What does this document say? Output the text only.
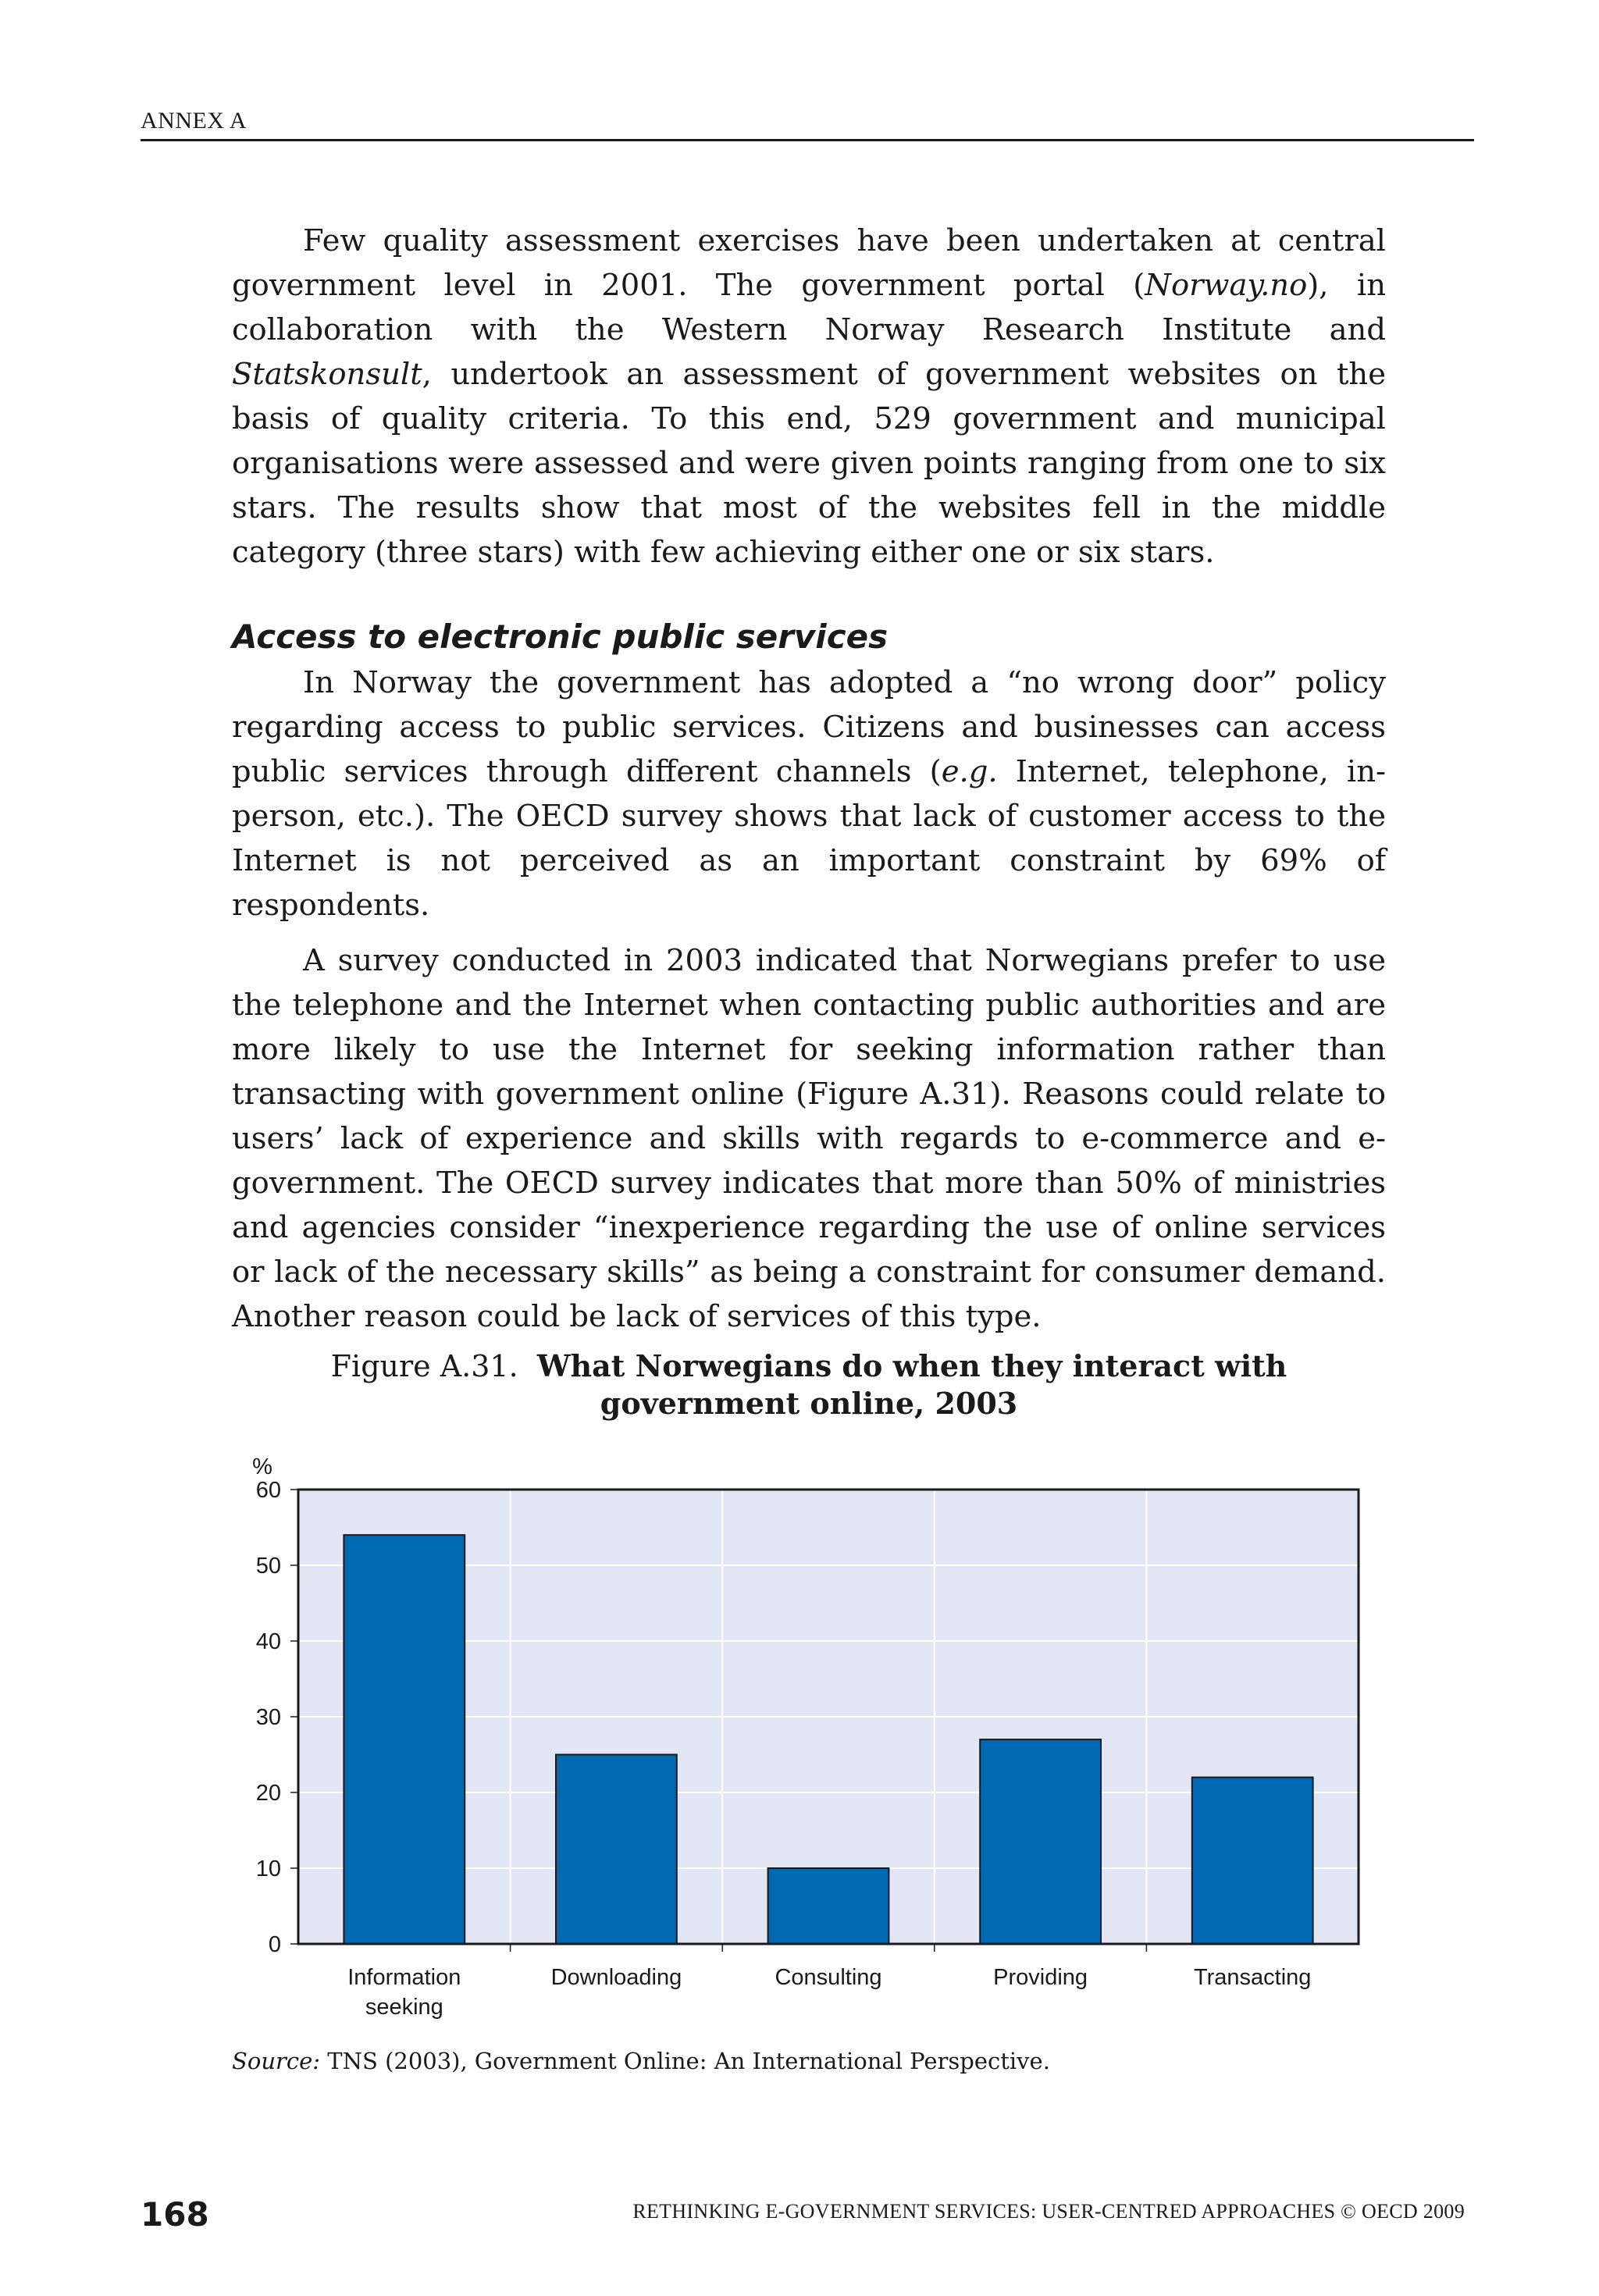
ANNEX A

Few quality assessment exercises have been undertaken at central government level in 2001. The government portal (Norway.no), in collaboration with the Western Norway Research Institute and Statskonsult, undertook an assessment of government websites on the basis of quality criteria. To this end, 529 government and municipal organisations were assessed and were given points ranging from one to six stars. The results show that most of the websites fell in the middle category (three stars) with few achieving either one or six stars.

Access to electronic public services

In Norway the government has adopted a “no wrong door” policy regarding access to public services. Citizens and businesses can access public services through different channels (e.g. Internet, telephone, in-person, etc.). The OECD survey shows that lack of customer access to the Internet is not perceived as an important constraint by 69% of respondents.

A survey conducted in 2003 indicated that Norwegians prefer to use the telephone and the Internet when contacting public authorities and are more likely to use the Internet for seeking information rather than transacting with government online (Figure A.31). Reasons could relate to users’ lack of experience and skills with regards to e-commerce and e-government. The OECD survey indicates that more than 50% of ministries and agencies consider “inexperience regarding the use of online services or lack of the necessary skills” as being a constraint for consumer demand. Another reason could be lack of services of this type.

Figure A.31. What Norwegians do when they interact with government online, 2003
0
10
20
30
40
50
60
%
Information
seeking
Downloading	Consulting	Providing	Transacting
Source: TNS (2003), Government Online: An International Perspective.
168	RETHINKING E-GOVERNMENT SERVICES: USER-CENTRED APPROACHES © OECD 2009
